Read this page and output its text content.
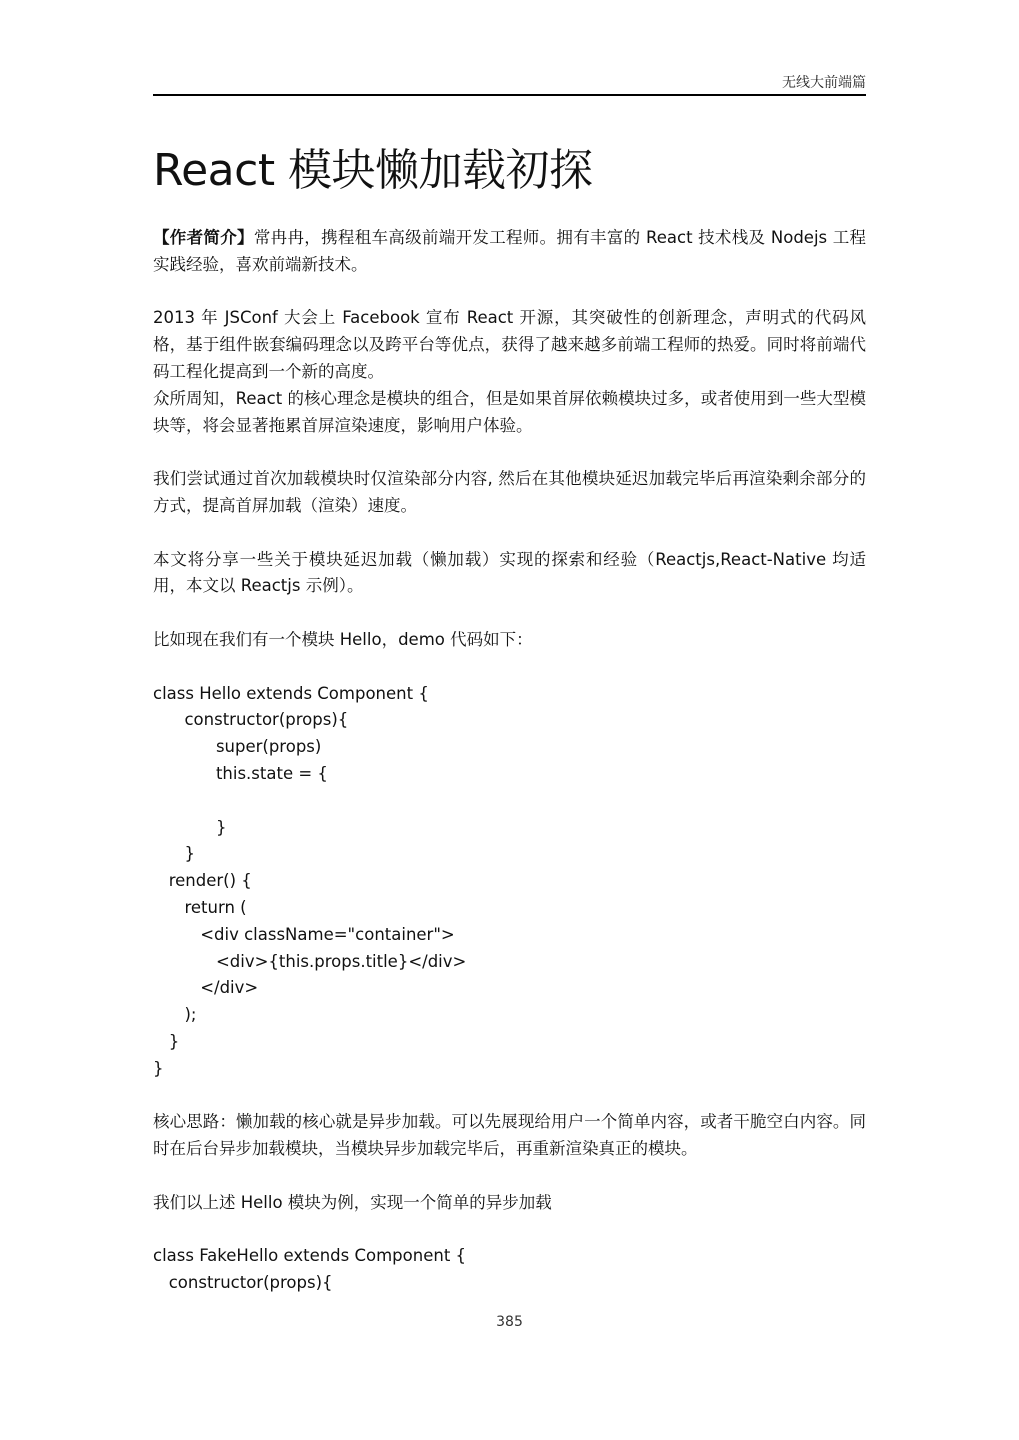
无线大前端篇
React 模块懒加载初探

【作者简介】常冉冉，携程租车高级前端开发工程师。拥有丰富的 React 技术栈及 Nodejs 工程实践经验，喜欢前端新技术。

2013 年 JSConf 大会上 Facebook 宣布 React 开源，其突破性的创新理念，声明式的代码风格，基于组件嵌套编码理念以及跨平台等优点，获得了越来越多前端工程师的热爱。同时将前端代码工程化提高到一个新的高度。

众所周知，React 的核心理念是模块的组合，但是如果首屏依赖模块过多，或者使用到一些大型模块等，将会显著拖累首屏渲染速度，影响用户体验。

我们尝试通过首次加载模块时仅渲染部分内容, 然后在其他模块延迟加载完毕后再渲染剩余部分的方式，提高首屏加载（渲染）速度。

本文将分享一些关于模块延迟加载（懒加载）实现的探索和经验（Reactjs,React-Native 均适用，本文以 Reactjs 示例）。

比如现在我们有一个模块 Hello，demo 代码如下：

class Hello extends Component {
constructor(props){
super(props)
this.state = {

}
}
render() {
return (
<div className="container">
<div>{this.props.title}</div>
</div>
);
}
}

核心思路：懒加载的核心就是异步加载。可以先展现给用户一个简单内容，或者干脆空白内容。同时在后台异步加载模块，当模块异步加载完毕后，再重新渲染真正的模块。

我们以上述 Hello 模块为例，实现一个简单的异步加载

class FakeHello extends Component {
constructor(props){
385
